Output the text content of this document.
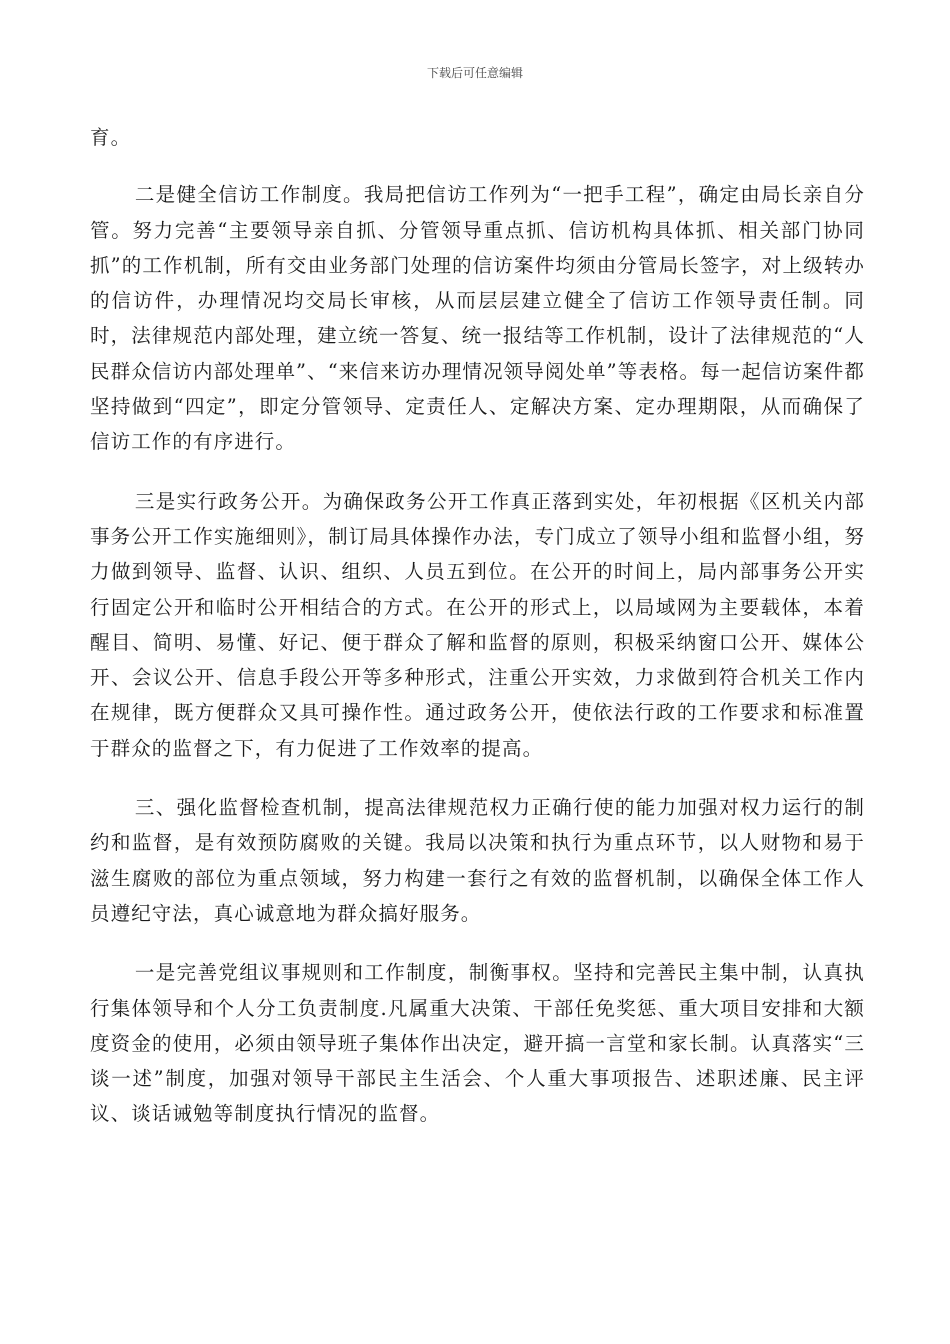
下载后可任意编辑

育。

二是健全信访工作制度。我局把信访工作列为“一把手工程”，确定由局长亲自分管。努力完善“主要领导亲自抓、分管领导重点抓、信访机构具体抓、相关部门协同抓”的工作机制，所有交由业务部门处理的信访案件均须由分管局长签字，对上级转办的信访件，办理情况均交局长审核，从而层层建立健全了信访工作领导责任制。同时，法律规范内部处理，建立统一答复、统一报结等工作机制，设计了法律规范的“人民群众信访内部处理单”、“来信来访办理情况领导阅处单”等表格。每一起信访案件都坚持做到“四定”，即定分管领导、定责任人、定解决方案、定办理期限，从而确保了信访工作的有序进行。

三是实行政务公开。为确保政务公开工作真正落到实处，年初根据《区机关内部事务公开工作实施细则》，制订局具体操作办法，专门成立了领导小组和监督小组，努力做到领导、监督、认识、组织、人员五到位。在公开的时间上，局内部事务公开实行固定公开和临时公开相结合的方式。在公开的形式上，以局域网为主要载体，本着醒目、简明、易懂、好记、便于群众了解和监督的原则，积极采纳窗口公开、媒体公开、会议公开、信息手段公开等多种形式，注重公开实效，力求做到符合机关工作内在规律，既方便群众又具可操作性。通过政务公开，使依法行政的工作要求和标准置于群众的监督之下，有力促进了工作效率的提高。

三、强化监督检查机制，提高法律规范权力正确行使的能力加强对权力运行的制约和监督，是有效预防腐败的关键。我局以决策和执行为重点环节，以人财物和易于滋生腐败的部位为重点领域，努力构建一套行之有效的监督机制，以确保全体工作人员遵纪守法，真心诚意地为群众搞好服务。

一是完善党组议事规则和工作制度，制衡事权。坚持和完善民主集中制，认真执行集体领导和个人分工负责制度.凡属重大决策、干部任免奖惩、重大项目安排和大额度资金的使用，必须由领导班子集体作出决定，避开搞一言堂和家长制。认真落实“三谈一述”制度，加强对领导干部民主生活会、个人重大事项报告、述职述廉、民主评议、谈话诫勉等制度执行情况的监督。
